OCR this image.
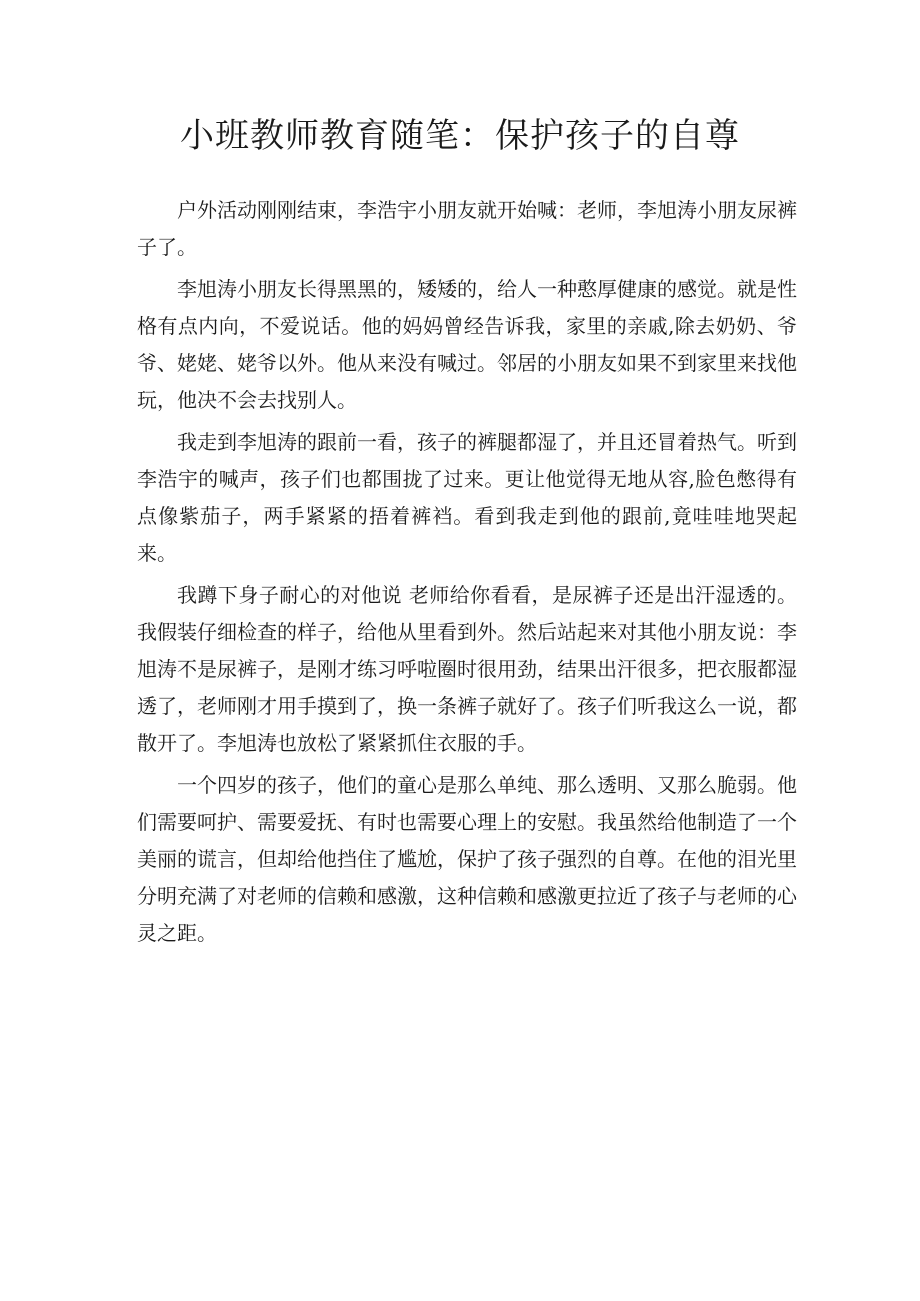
小班教师教育随笔：保护孩子的自尊

户外活动刚刚结束，李浩宇小朋友就开始喊：老师，李旭涛小朋友尿裤子了。

李旭涛小朋友长得黑黑的，矮矮的，给人一种憨厚健康的感觉。就是性格有点内向，不爱说话。他的妈妈曾经告诉我，家里的亲戚,除去奶奶、爷爷、姥姥、姥爷以外。他从来没有喊过。邻居的小朋友如果不到家里来找他玩，他决不会去找别人。

我走到李旭涛的跟前一看，孩子的裤腿都湿了，并且还冒着热气。听到李浩宇的喊声，孩子们也都围拢了过来。更让他觉得无地从容,脸色憋得有点像紫茄子，两手紧紧的捂着裤裆。看到我走到他的跟前,竟哇哇地哭起来。

我蹲下身子耐心的对他说 老师给你看看，是尿裤子还是出汗湿透的。我假装仔细检查的样子，给他从里看到外。然后站起来对其他小朋友说：李旭涛不是尿裤子，是刚才练习呼啦圈时很用劲，结果出汗很多，把衣服都湿透了，老师刚才用手摸到了，换一条裤子就好了。孩子们听我这么一说，都散开了。李旭涛也放松了紧紧抓住衣服的手。

一个四岁的孩子，他们的童心是那么单纯、那么透明、又那么脆弱。他们需要呵护、需要爱抚、有时也需要心理上的安慰。我虽然给他制造了一个美丽的谎言，但却给他挡住了尴尬，保护了孩子强烈的自尊。在他的泪光里分明充满了对老师的信赖和感激，这种信赖和感激更拉近了孩子与老师的心灵之距。
